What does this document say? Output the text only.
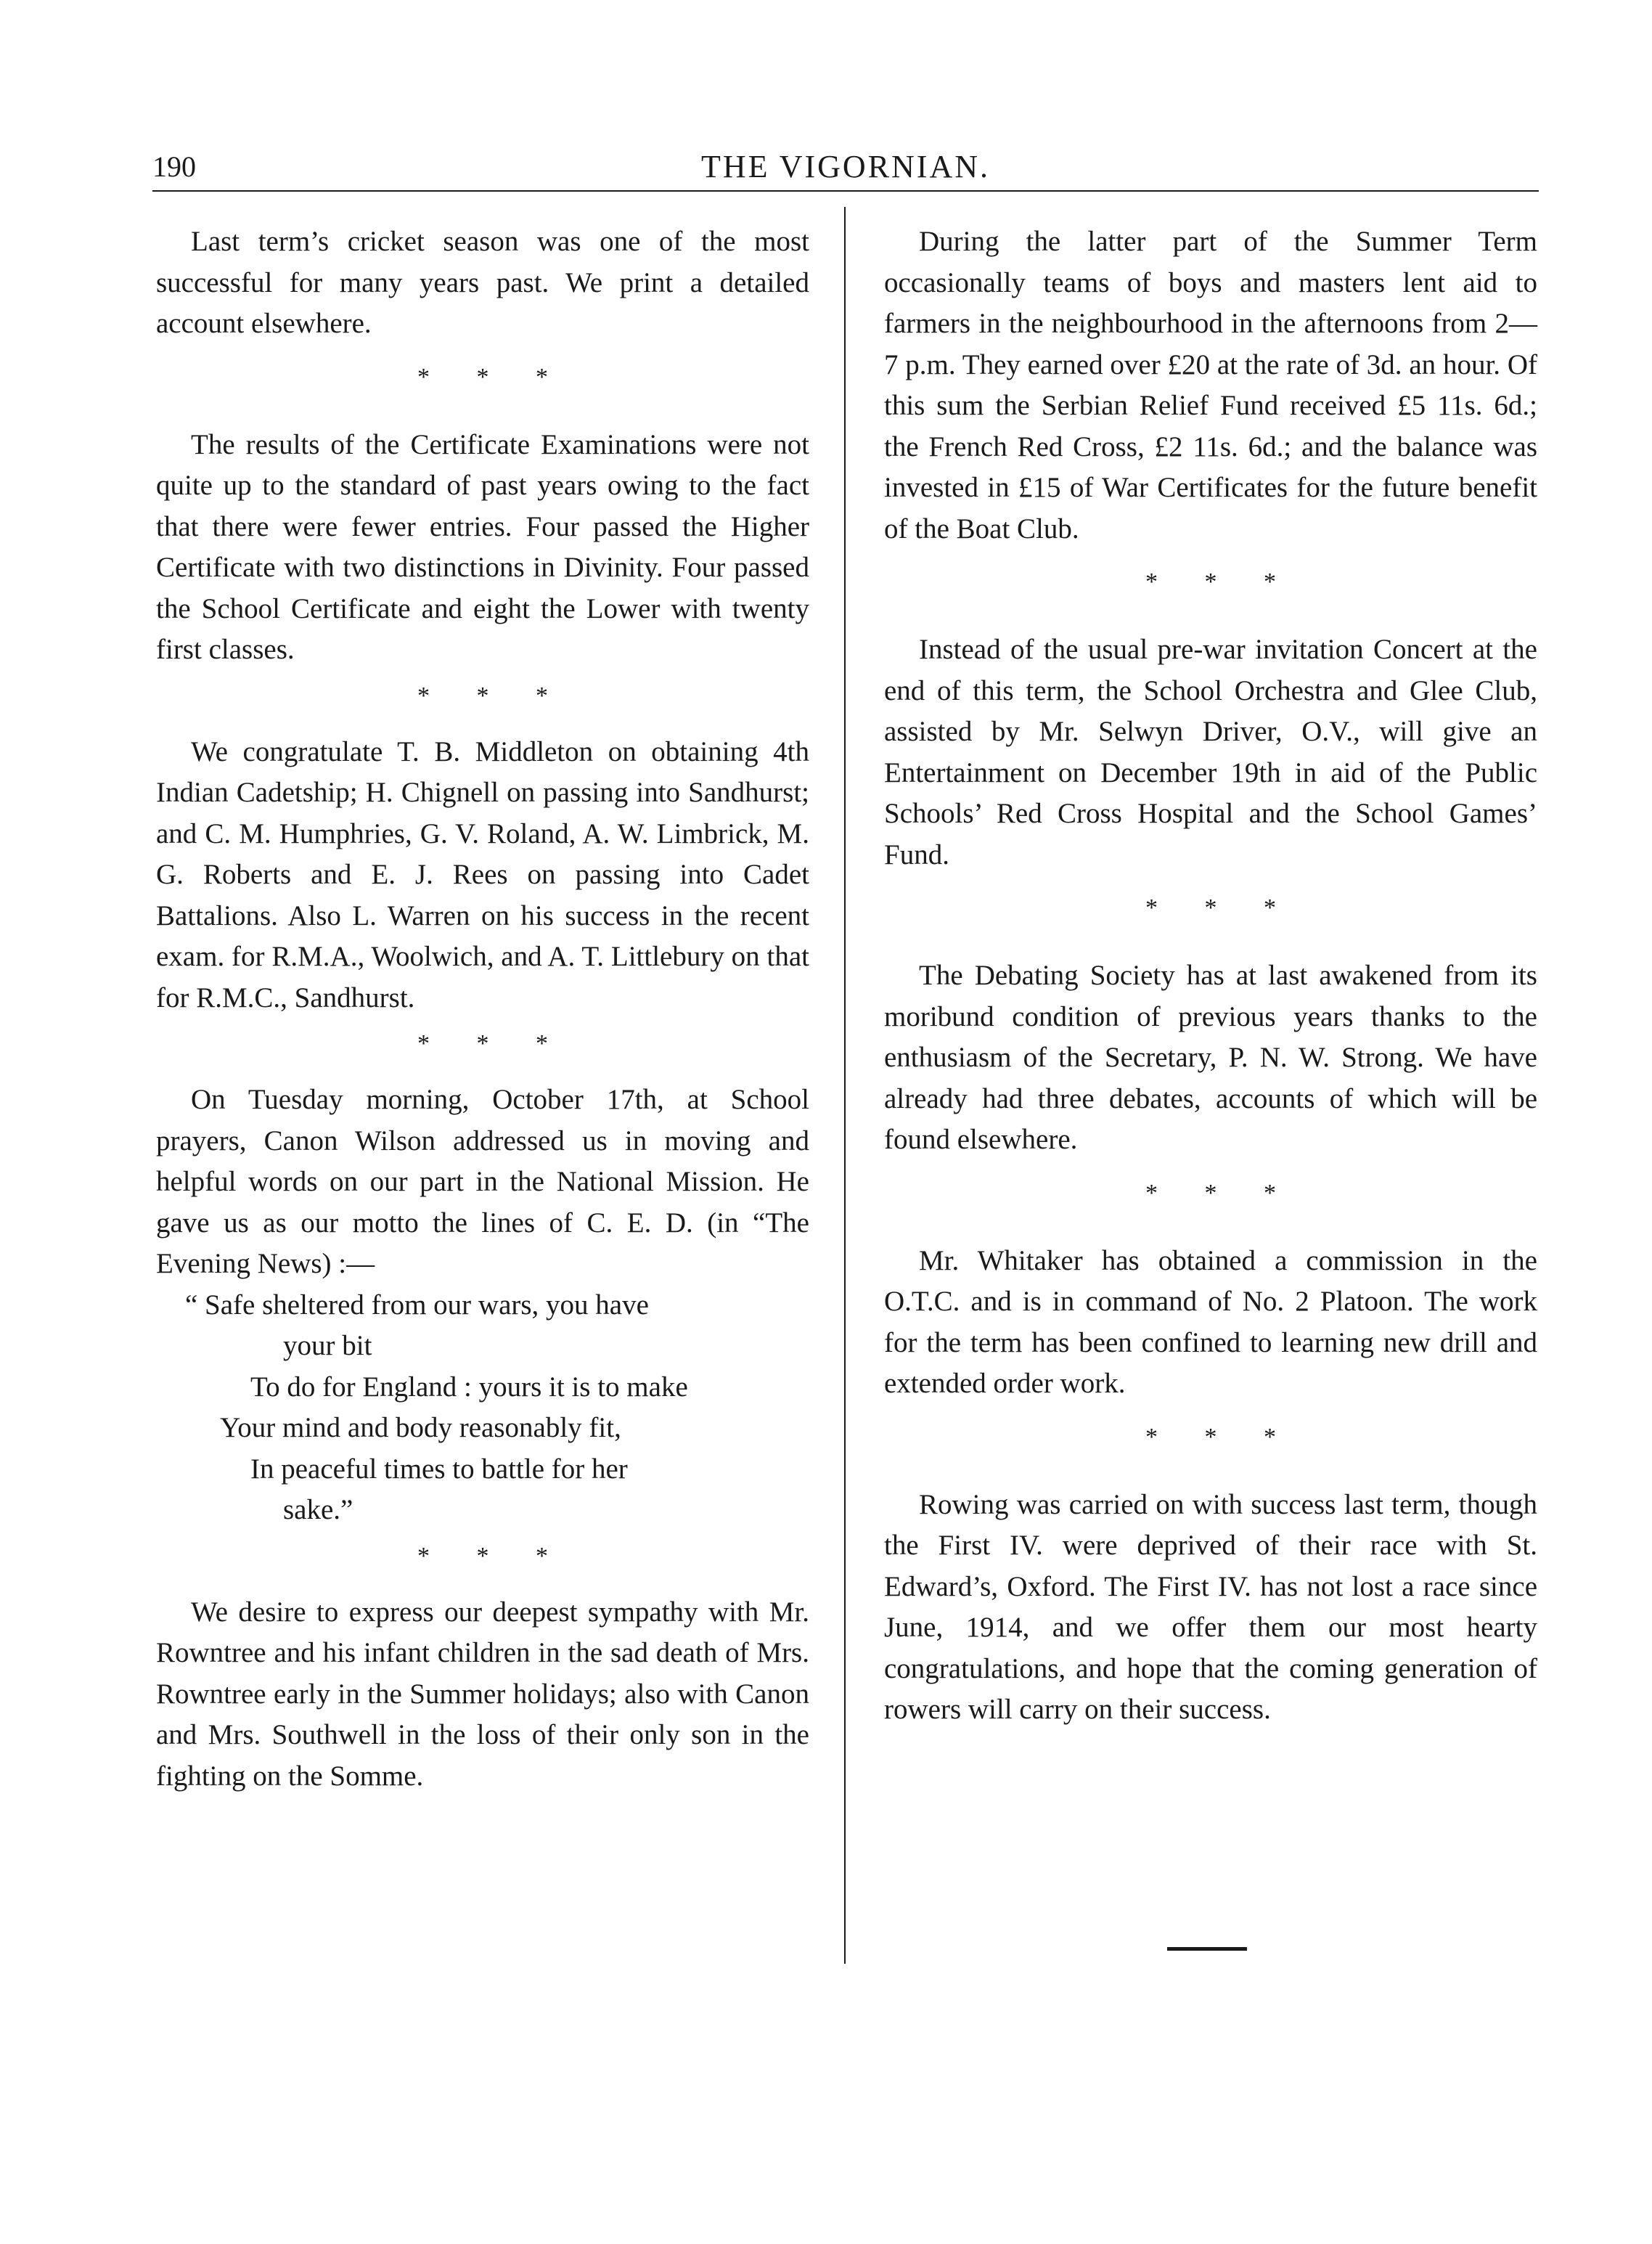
190	THE VIGORNIAN.

Last term’s cricket season was one of the most successful for many years past. We print a detailed account elsewhere.

* * *

The results of the Certificate Examinations were not quite up to the standard of past years owing to the fact that there were fewer entries. Four passed the Higher Certificate with two distinctions in Divinity. Four passed the School Certificate and eight the Lower with twenty first classes.

* * *

We congratulate T. B. Middleton on obtaining 4th Indian Cadetship; H. Chignell on passing into Sandhurst; and C. M. Humphries, G. V. Roland, A. W. Limbrick, M. G. Roberts and E. J. Rees on passing into Cadet Battalions. Also L. Warren on his success in the recent exam. for R.M.A., Woolwich, and A. T. Littlebury on that for R.M.C., Sandhurst.

* * *

On Tuesday morning, October 17th, at School prayers, Canon Wilson addressed us in moving and helpful words on our part in the National Mission. He gave us as our motto the lines of C. E. D. (in “The Evening News) :—

“ Safe sheltered from our wars, you have

your bit

To do for England : yours it is to make

Your mind and body reasonably fit,

In peaceful times to battle for her

sake.”

* * *

We desire to express our deepest sympathy with Mr. Rowntree and his infant children in the sad death of Mrs. Rowntree early in the Summer holidays; also with Canon and Mrs. Southwell in the loss of their only son in the fighting on the Somme.

During the latter part of the Summer Term occasionally teams of boys and masters lent aid to farmers in the neighbourhood in the afternoons from 2—7 p.m. They earned over £20 at the rate of 3d. an hour. Of this sum the Serbian Relief Fund received £5 11s. 6d.; the French Red Cross, £2 11s. 6d.; and the balance was invested in £15 of War Certificates for the future benefit of the Boat Club.

* * *

Instead of the usual pre-war invitation Concert at the end of this term, the School Orchestra and Glee Club, assisted by Mr. Selwyn Driver, O.V., will give an Entertainment on December 19th in aid of the Public Schools’ Red Cross Hospital and the School Games’ Fund.

* * *

The Debating Society has at last awakened from its moribund condition of previous years thanks to the enthusiasm of the Secretary, P. N. W. Strong. We have already had three debates, accounts of which will be found elsewhere.

* * *

Mr. Whitaker has obtained a commission in the O.T.C. and is in command of No. 2 Platoon. The work for the term has been confined to learning new drill and extended order work.

* * *

Rowing was carried on with success last term, though the First IV. were deprived of their race with St. Edward’s, Oxford. The First IV. has not lost a race since June, 1914, and we offer them our most hearty congratulations, and hope that the coming generation of rowers will carry on their success.
